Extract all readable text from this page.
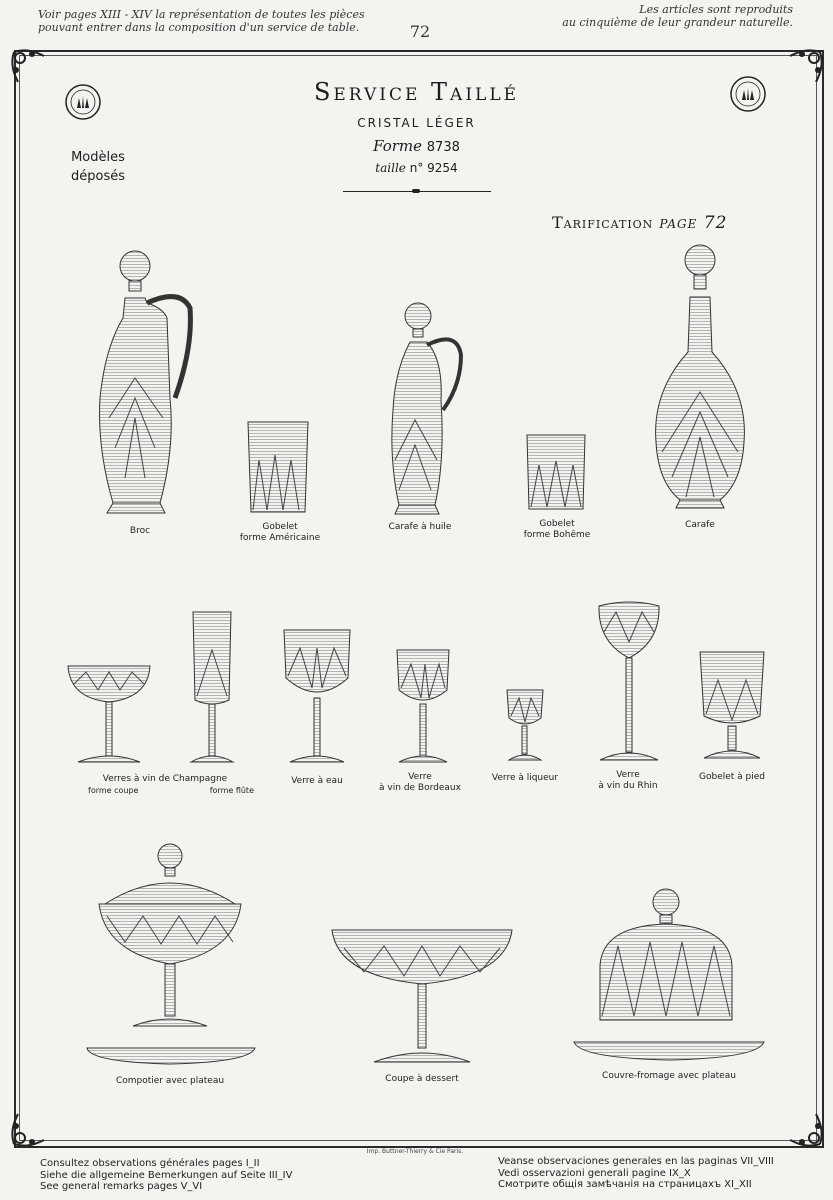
Voir pages XIII - XIV la représentation de toutes les pièces
pouvant entrer dans la composition d'un service de table.	72
Les articles sont reproduits
au cinquième de leur grandeur naturelle.
Service Taillé
CRISTAL LÉGER
Forme 8738
taille n° 9254
Modèles
déposés
Tarification page 72
Broc	Gobelet
forme Américaine
Carafe à huile	Gobelet
forme Bohême
Carafe
Verres à vin de Champagne
forme coupe	forme flûte
Verre à eau	Verre
à vin de Bordeaux
Verre à liqueur	Verre
à vin du Rhin
Gobelet à pied
Compotier avec plateau	Coupe à dessert	Couvre-fromage avec plateau
Imp. Buttner-Thierry & Cie Paris.
Consultez observations générales pages I_II
Siehe die allgemeine Bemerkungen auf Seite III_IV
See general remarks pages V_VI
Veanse observaciones generales en las paginas VII_VIII
Vedi osservazioni generali pagine IX_X
Смотрите общія замѣчанія на страницахъ XI_XII
